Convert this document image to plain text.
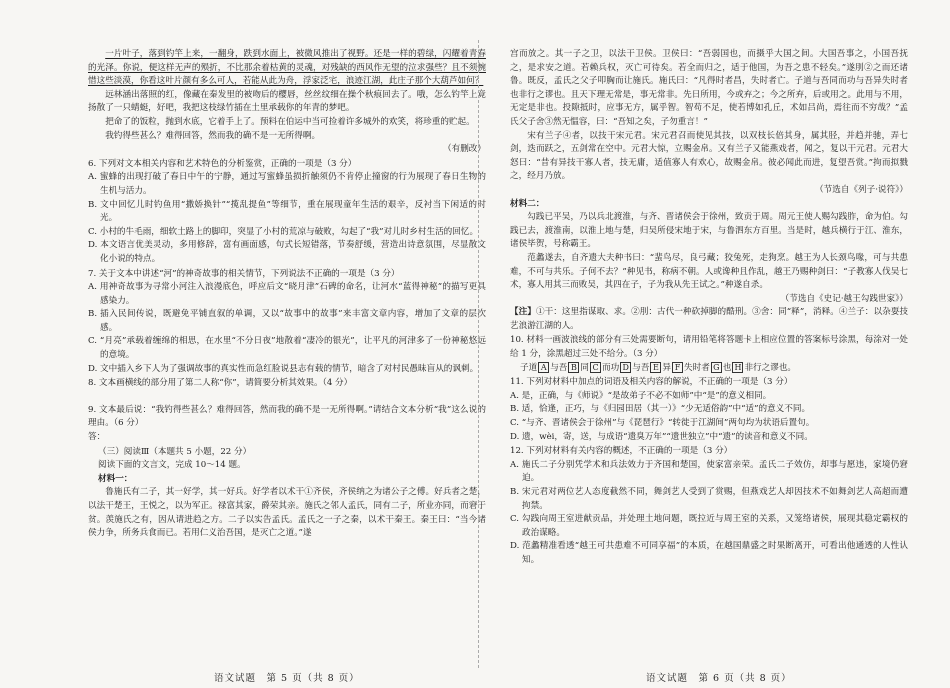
一片叶子，落到钓竿上来，一翻身，跌到水面上，被微风推出了视野。还是一样的碧绿，闪耀着青春的光泽。你说，便这样无声的殒折，不比那余着枯黄的灵魂，对残缺的西风作无望的泣求强些？且不须惋惜这些淡漠，你看这叶片颜有多么可人，若能从此为舟，浮家泛宅，浪迹江湖，此庄子那个大葫芦如何？

远林涵出落照的红，像藏在秦发里的被吻后的樱唇，丝丝纹细在操个秋痕回去了。哦，怎么钓竿上竟扬散了一只蜻蜓，好吧，我把这枝绿竹插在土里承载你的年青的梦吧。

把命了的饭粒，抛到水底，它着手上了。预料在伯运中当可捡着许多城外的欢笑，将珍重的贮起。

我钓得些甚么？难得回答，然而我的确不是一无所得啊。

（有删改）

6. 下列对文本相关内容和艺术特色的分析鉴赏，正确的一项是（3 分）

A. 蜜蜂的出现打破了春日中午的宁静，通过写蜜蜂虽损折触须仍不肯停止撞窗的行为展现了春日生物的生机与活力。

B. 文中回忆儿时钓鱼用“撒娇换针”“揽乱提鱼”等细节，重在展现童年生活的艰辛，反衬当下闲适的时光。

C. 小村的牛毛雨，细软土路上的脚印，突显了小村的荒凉与破败，勾起了“我”对儿时乡村生活的回忆。

D. 本文语言优美灵动，多用修辞，富有画面感，句式长短错落，节奏舒缓，营造出诗意氛围，尽显散文化小说的特点。

7. 关于文本中讲述“河”的神奇故事的相关情节，下列说法不正确的一项是（3 分）

A. 用神奇故事为寻常小河注入浪漫底色，呼应后文“晓月津”石碑的命名，让河水“蓝得神秘”的描写更具感染力。

B. 插入民间传说，既避免平铺直叙的单调，又以“故事中的故事”来丰富文章内容，增加了文章的层次感。

C. “月亮”承载着缠绵的相思，在水里“不分日夜”地散着“凄冷的银光”，让平凡的河津多了一份神秘悠远的意境。

D. 文中插入乡下人为了强调故事的真实性而急红脸说县志有载的情节，暗含了对村民愚昧盲从的讽刺。

8. 文本画横线的部分用了第二人称“你”，请简要分析其效果。（4 分）

9. 文本最后说：“我钓得些甚么？难得回答，然而我的确不是一无所得啊。”请结合文本分析“我”这么说的理由。（6 分）

答：

（三）阅读Ⅲ（本题共 5 小题，22 分）

阅读下面的文言文，完成 10～14 题。

材料一：

鲁施氏有二子，其一好学，其一好兵。好学者以术干①齐侯，齐侯纳之为诸公子之傅。好兵者之楚，以法干楚王，王悦之，以为军正。禄富其家，爵荣其亲。施氏之邻人孟氏，同有二子，所业亦同，而窘于贫。羡施氏之有，因从请进趋之方。二子以实告孟氏。孟氏之一子之秦，以术干秦王。秦王曰：“当今诸侯力争，所务兵食而已。若用仁义治吾国，是灭亡之道。”遂

宫而放之。其一子之卫，以法干卫侯。卫侯曰：“吾弱国也，而摄乎大国之间。大国吾事之，小国吾抚之，是求安之道。若赖兵权，灭亡可待矣。若全而归之，适于他国，为吾之患不轻矣。”遂刖②之而还诸鲁。既反，孟氏之父子叩胸而让施氏。施氏曰：“凡得时者昌，失时者亡。子道与吾同而功与吾异失时者也非行之谬也。且天下理无常是，事无常非。先日所用，今或弃之；今之所弃，后或用之。此用与不用，无定是非也。投隙抵时，应事无方，属乎智。智苟不足，使若博如孔丘，术如吕尚，焉往而不穷哉？”孟氏父子舍③然无愠容，曰：“吾知之矣，子勿重言！”

宋有兰子④者，以技干宋元君。宋元君召而使见其技，以双枝长倍其身，属其胫，并趋并驰，弄七剑，迭而跃之，五剑常在空中。元君大惊，立赐金帛。又有兰子又能燕戏者，闻之，复以干元君。元君大怒曰：“昔有异技干寡人者，技无庸，适值寡人有欢心，故赐金帛。彼必闻此而进，复望吾赏。”拘而拟戮之，经月乃放。

（节选自《列子·说符》）

材料二：

勾践已平吴，乃以兵北渡淮，与齐、晋诸侯会于徐州，致贡于周。周元王使人赐勾践胙，命为伯。勾践已去，渡淮南，以淮上地与楚，归吴所侵宋地于宋，与鲁泗东方百里。当是时，越兵横行于江、淮东，诸侯毕贺，号称霸王。

范蠡遂去，自齐遗大夫种书曰：“蜚鸟尽，良弓藏；狡兔死，走狗烹。越王为人长颈鸟喙，可与共患难，不可与共乐。子何不去？”种见书，称病不朝。人或谗种且作乱，越王乃赐种剑曰：“子教寡人伐吴七术，寡人用其三而败吴，其四在子，子为我从先王试之。”种遂自杀。

（节选自《史记·越王勾践世家》）

【注】①干：这里指谋取、求。②刖：古代一种砍掉脚的酷刑。③舍：同“释”，消释。④兰子：以杂耍技艺浪游江湖的人。

10. 材料一画波浪线的部分有三处需要断句，请用铅笔将答题卡上相应位置的答案标号涂黑，每涂对一处给 1 分，涂黑超过三处不给分。（3 分）

子道 A 与吾 B 同 C 而功 D 与吾 E 异 F 失时者 G 也 H 非行之谬也。

11. 下列对材料中加点的词语及相关内容的解说，不正确的一项是（3 分）

A. 是，正确，与《师说》“是故弟子不必不如师”中“是”的意义相同。

B. 适，恰逢，正巧，与《归园田居（其一）》“少无适俗韵”中“适”的意义不同。

C. “与齐、晋诸侯会于徐州”与《琵琶行》“转徙于江湖间”两句均为状语后置句。

D. 遗，wèi，寄，送，与成语“遗臭万年”“遗世独立”中“遗”的读音和意义不同。

12. 下列对材料有关内容的概述，不正确的一项是（3 分）

A. 施氏二子分别凭学术和兵法效力于齐国和楚国，使家富亲荣。孟氏二子效仿，却事与愿违，家境仍窘迫。

B. 宋元君对两位艺人态度截然不同，舞剑艺人受到了赏赐，但燕戏艺人却因技术不如舞剑艺人高超而遭拘禁。

C. 勾践向周王室进献贡品，并处理土地问题，既拉近与周王室的关系，又笼络诸侯，展现其稳定霸权的政治谋略。

D. 范蠡精准看透“越王可共患难不可同享福”的本质，在越国鼎盛之时果断离开，可看出他通透的人性认知。

语文试题　第 5 页（共 8 页）	语文试题　第 6 页（共 8 页）
